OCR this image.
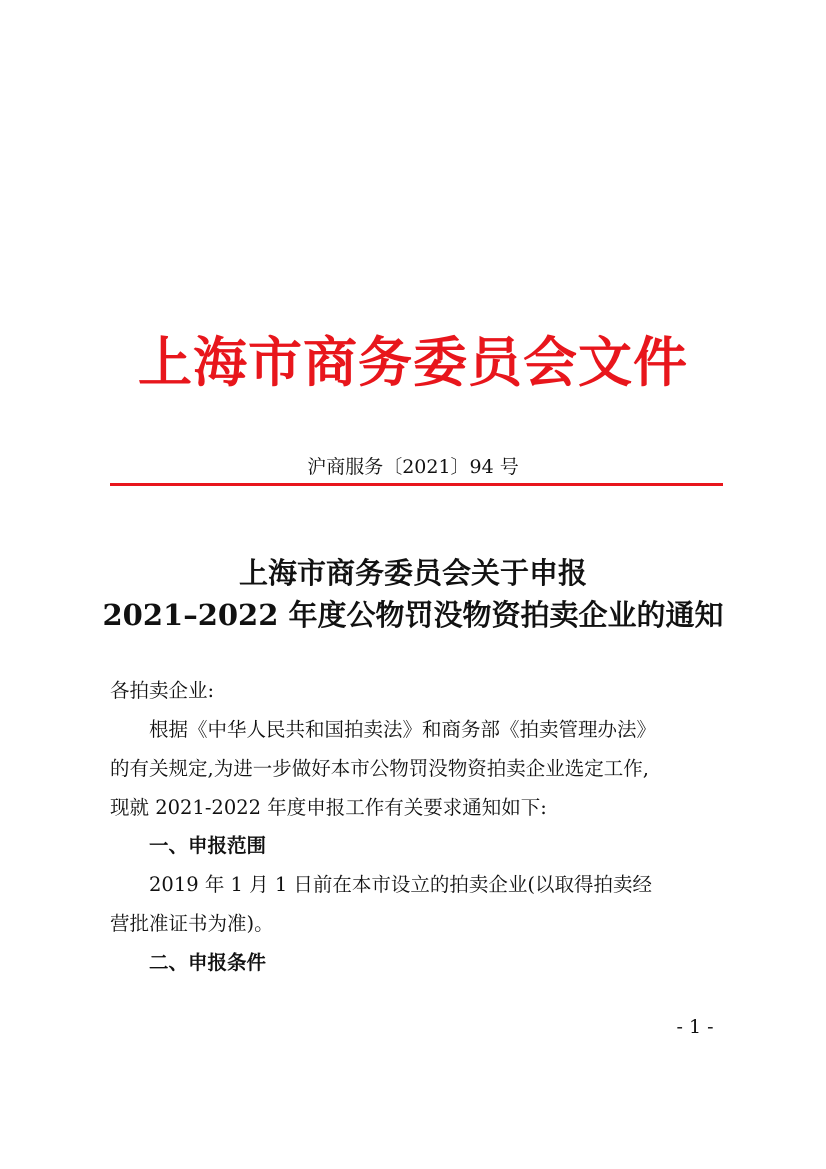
上海市商务委员会文件
沪商服务〔2021〕94 号
上海市商务委员会关于申报
2021–2022 年度公物罚没物资拍卖企业的通知
各拍卖企业:
根据《中华人民共和国拍卖法》和商务部《拍卖管理办法》
的有关规定,为进一步做好本市公物罚没物资拍卖企业选定工作,
现就 2021-2022 年度申报工作有关要求通知如下:
一、申报范围
2019 年 1 月 1 日前在本市设立的拍卖企业(以取得拍卖经
营批准证书为准)。
二、申报条件
- 1 -
